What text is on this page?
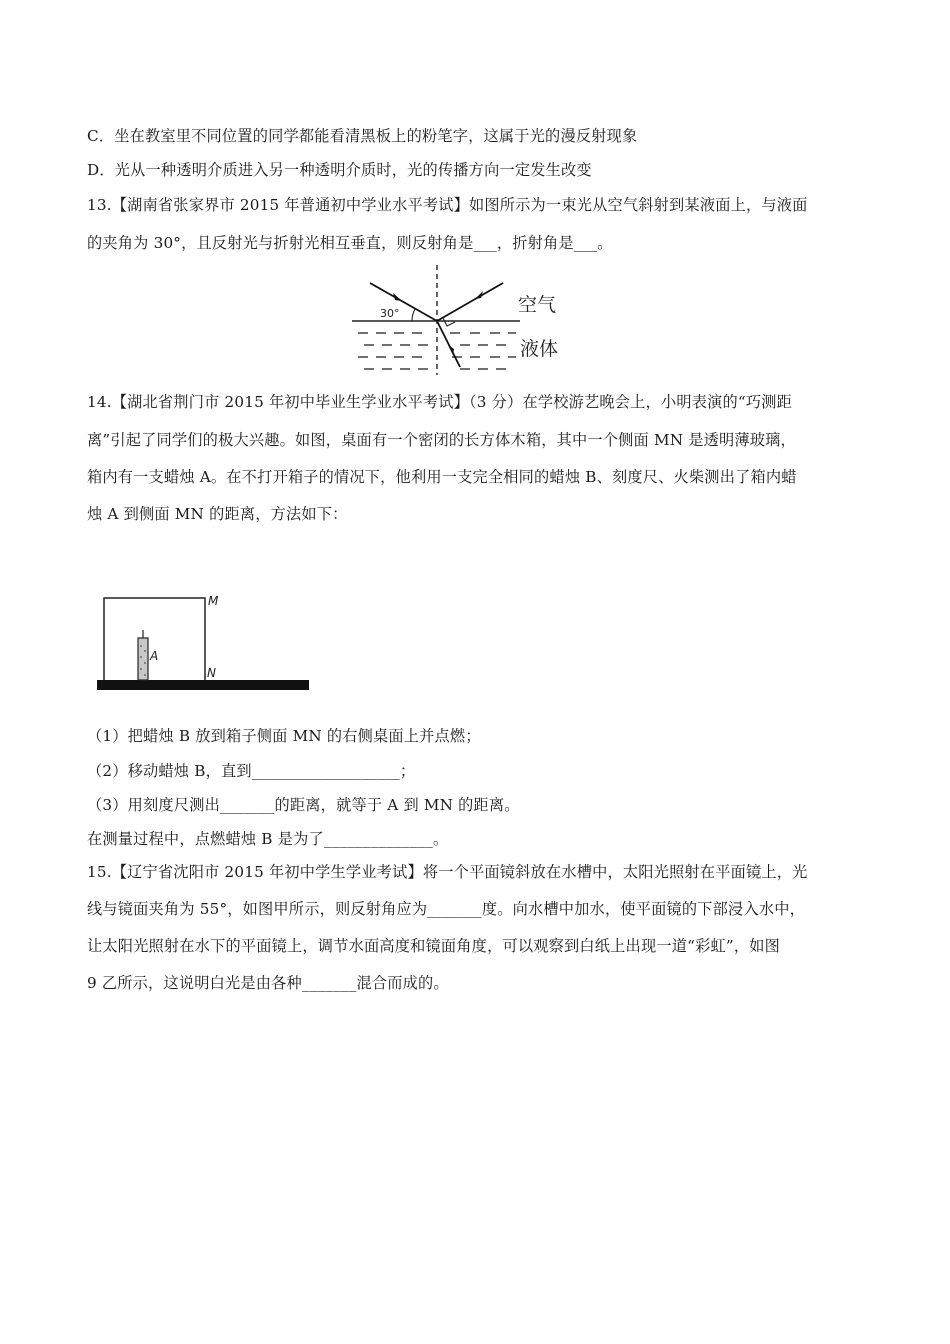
C．坐在教室里不同位置的同学都能看清黑板上的粉笔字，这属于光的漫反射现象
D．光从一种透明介质进入另一种透明介质时，光的传播方向一定发生改变
13.【湖南省张家界市 2015 年普通初中学业水平考试】如图所示为一束光从空气斜射到某液面上，与液面
的夹角为 30°，且反射光与折射光相互垂直，则反射角是___，折射角是___。
30°	空气
液体
14.【湖北省荆门市 2015 年初中毕业生学业水平考试】（3 分）在学校游艺晚会上，小明表演的“巧测距
离”引起了同学们的极大兴趣。如图，桌面有一个密闭的长方体木箱，其中一个侧面 MN 是透明薄玻璃，
箱内有一支蜡烛 A。在不打开箱子的情况下，他利用一支完全相同的蜡烛 B、刻度尺、火柴测出了箱内蜡
烛 A 到侧面 MN 的距离，方法如下：
A
M
N
（1）把蜡烛 B 放到箱子侧面 MN 的右侧桌面上并点燃；
（2）移动蜡烛 B，直到___________________；
（3）用刻度尺测出_______的距离，就等于 A 到 MN 的距离。
在测量过程中，点燃蜡烛 B 是为了______________。
15.【辽宁省沈阳市 2015 年初中学生学业考试】将一个平面镜斜放在水槽中，太阳光照射在平面镜上，光
线与镜面夹角为 55°，如图甲所示，则反射角应为_______度。向水槽中加水，使平面镜的下部浸入水中，
让太阳光照射在水下的平面镜上，调节水面高度和镜面角度，可以观察到白纸上出现一道“彩虹”，如图
9 乙所示，这说明白光是由各种_______混合而成的。
